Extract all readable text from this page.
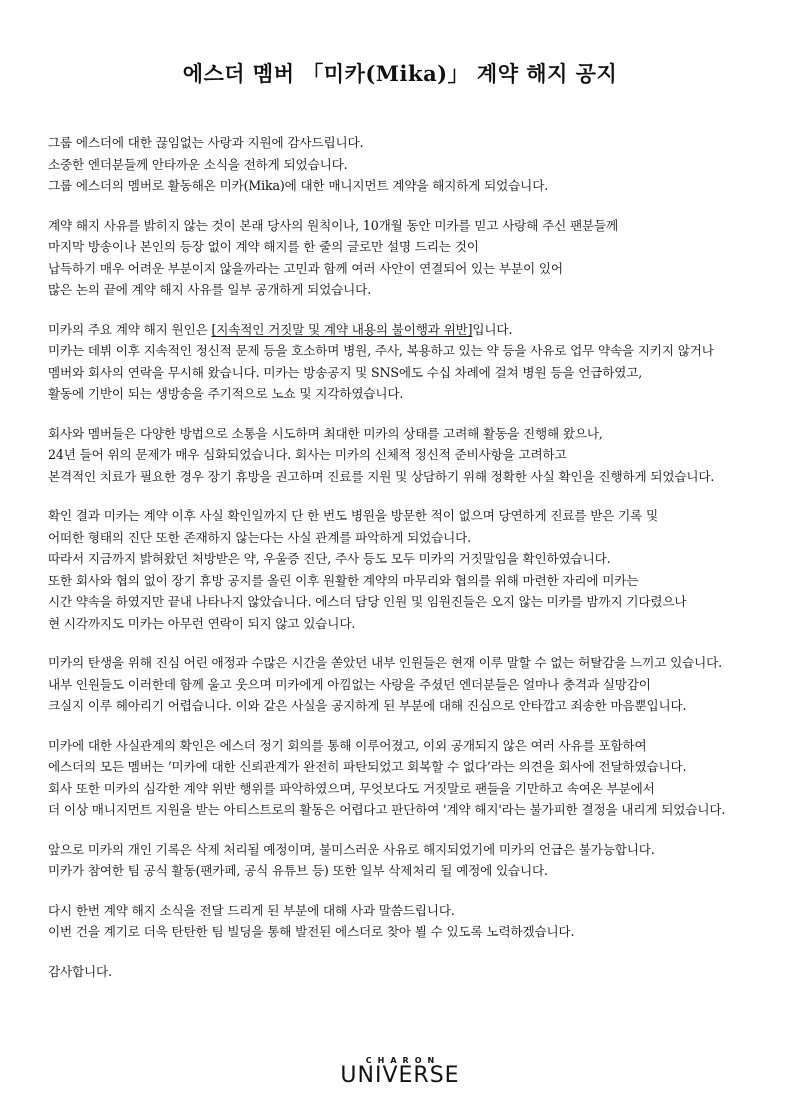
에스더 멤버 「미카(Mika)」 계약 해지 공지
그룹 에스더에 대한 끊임없는 사랑과 지원에 감사드립니다.
소중한 엔더분들께 안타까운 소식을 전하게 되었습니다.
그룹 에스더의 멤버로 활동해온 미카(Mika)에 대한 매니지먼트 계약을 해지하게 되었습니다.
계약 해지 사유를 밝히지 않는 것이 본래 당사의 원칙이나, 10개월 동안 미카를 믿고 사랑해 주신 팬분들께
마지막 방송이나 본인의 등장 없이 계약 해지를 한 줄의 글로만 설명 드리는 것이
납득하기 매우 어려운 부분이지 않을까라는 고민과 함께 여러 사안이 연결되어 있는 부분이 있어
많은 논의 끝에 계약 해지 사유를 일부 공개하게 되었습니다.
미카의 주요 계약 해지 원인은 [지속적인 거짓말 및 계약 내용의 불이행과 위반]입니다.
미카는 데뷔 이후 지속적인 정신적 문제 등을 호소하며 병원, 주사, 복용하고 있는 약 등을 사유로 업무 약속을 지키지 않거나
멤버와 회사의 연락을 무시해 왔습니다. 미카는 방송공지 및 SNS에도 수십 차례에 걸쳐 병원 등을 언급하였고,
활동에 기반이 되는 생방송을 주기적으로 노쇼 및 지각하였습니다.
회사와 멤버들은 다양한 방법으로 소통을 시도하며 최대한 미카의 상태를 고려해 활동을 진행해 왔으나,
24년 들어 위의 문제가 매우 심화되었습니다. 회사는 미카의 신체적 정신적 준비사항을 고려하고
본격적인 치료가 필요한 경우 장기 휴방을 권고하며 진료를 지원 및 상담하기 위해 정확한 사실 확인을 진행하게 되었습니다.
확인 결과 미카는 계약 이후 사실 확인일까지 단 한 번도 병원을 방문한 적이 없으며 당연하게 진료를 받은 기록 및
어떠한 형태의 진단 또한 존재하지 않는다는 사실 관계를 파악하게 되었습니다.
따라서 지금까지 밝혀왔던 처방받은 약, 우울증 진단, 주사 등도 모두 미카의 거짓말임을 확인하였습니다.
또한 회사와 협의 없이 장기 휴방 공지를 올린 이후 원활한 계약의 마무리와 협의를 위해 마련한 자리에 미카는
시간 약속을 하였지만 끝내 나타나지 않았습니다. 에스더 담당 인원 및 임원진들은 오지 않는 미카를 밤까지 기다렸으나
현 시각까지도 미카는 아무런 연락이 되지 않고 있습니다.
미카의 탄생을 위해 진심 어린 애정과 수많은 시간을 쏟았던 내부 인원들은 현재 이루 말할 수 없는 허탈감을 느끼고 있습니다.
내부 인원들도 이러한데 함께 울고 웃으며 미카에게 아낌없는 사랑을 주셨던 엔더분들은 얼마나 충격과 실망감이
크실지 이루 헤아리기 어렵습니다. 이와 같은 사실을 공지하게 된 부분에 대해 진심으로 안타깝고 죄송한 마음뿐입니다.
미카에 대한 사실관계의 확인은 에스더 정기 회의를 통해 이루어졌고, 이외 공개되지 않은 여러 사유를 포함하여
에스더의 모든 멤버는 ‘미카에 대한 신뢰관계가 완전히 파탄되었고 회복할 수 없다’라는 의견을 회사에 전달하였습니다.
회사 또한 미카의 심각한 계약 위반 행위를 파악하였으며, 무엇보다도 거짓말로 팬들을 기만하고 속여온 부분에서
더 이상 매니지먼트 지원을 받는 아티스트로의 활동은 어렵다고 판단하여 '계약 해지'라는 불가피한 결정을 내리게 되었습니다.
앞으로 미카의 개인 기록은 삭제 처리될 예정이며, 불미스러운 사유로 해지되었기에 미카의 언급은 불가능합니다.
미카가 참여한 팀 공식 활동(팬카페, 공식 유튜브 등) 또한 일부 삭제처리 될 예정에 있습니다.
다시 한번 계약 해지 소식을 전달 드리게 된 부분에 대해 사과 말씀드립니다.
이번 건을 계기로 더욱 탄탄한 팀 빌딩을 통해 발전된 에스더로 찾아 뵐 수 있도록 노력하겠습니다.
감사합니다.
CHARON
UNIVERSE
